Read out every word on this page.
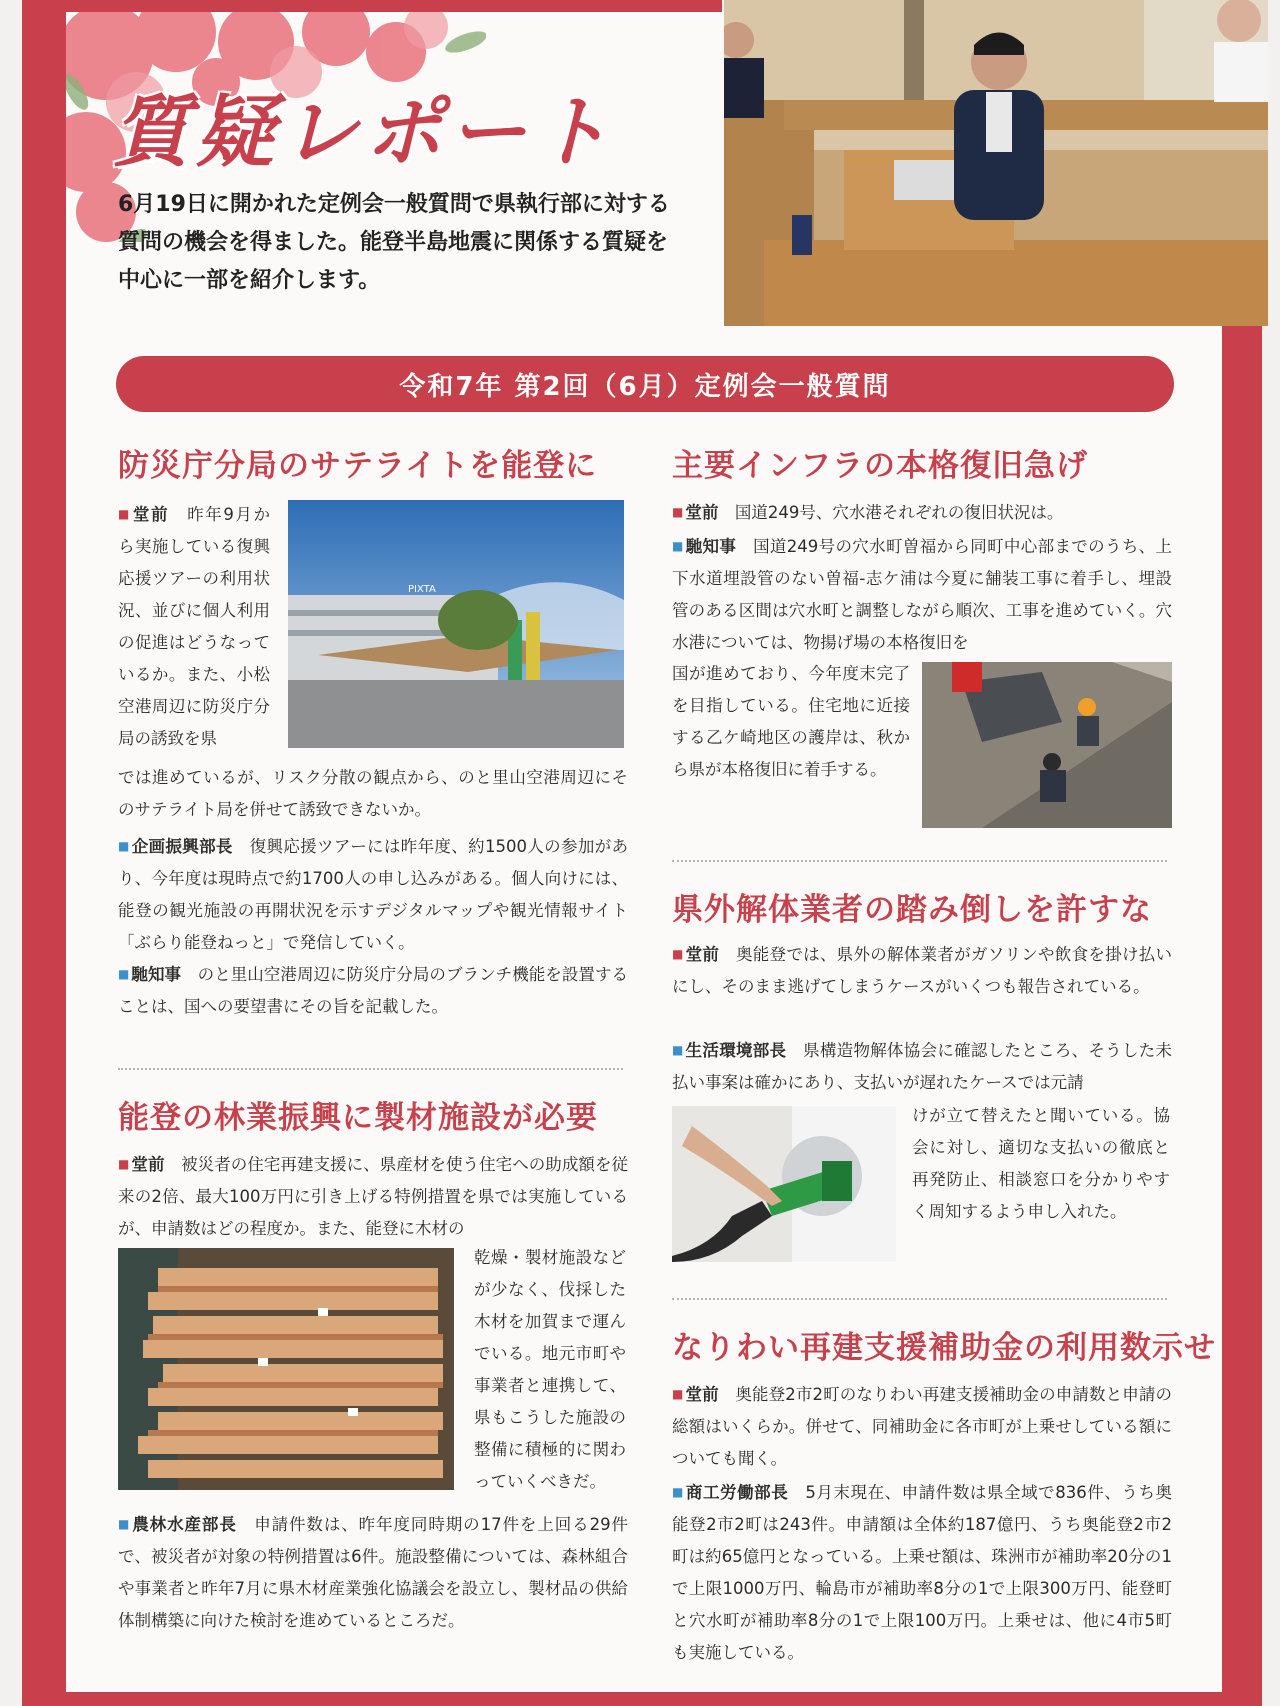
質疑レポート
6月19日に開かれた定例会一般質問で県執行部に対する質問の機会を得ました。能登半島地震に関係する質疑を中心に一部を紹介します。
令和7年 第2回（6月）定例会一般質問
防災庁分局のサテライトを能登に
PIXTA
■ 堂前　 昨年9月から実施している復興応援ツアーの利用状況、並びに個人利用の促進はどうなっているか。また、小松空港周辺に防災庁分局の誘致を県
では進めているが、リスク分散の観点から、のと里山空港周辺にそのサテライト局を併せて誘致できないか。
■ 企画振興部長　 復興応援ツアーには昨年度、約1500人の参加があり、今年度は現時点で約1700人の申し込みがある。個人向けには、能登の観光施設の再開状況を示すデジタルマップや観光情報サイト「ぶらり能登ねっと」で発信していく。
■ 馳知事　 のと里山空港周辺に防災庁分局のブランチ機能を設置することは、国への要望書にその旨を記載した。
能登の林業振興に製材施設が必要
■ 堂前　 被災者の住宅再建支援に、県産材を使う住宅への助成額を従来の2倍、最大100万円に引き上げる特例措置を県では実施しているが、申請数はどの程度か。また、能登に木材の
乾燥・製材施設などが少なく、伐採した木材を加賀まで運んでいる。地元市町や事業者と連携して、県もこうした施設の整備に積極的に関わっていくべきだ。
■ 農林水産部長　 申請件数は、昨年度同時期の17件を上回る29件で、被災者が対象の特例措置は6件。施設整備については、森林組合や事業者と昨年7月に県木材産業強化協議会を設立し、製材品の供給体制構築に向けた検討を進めているところだ。
主要インフラの本格復旧急げ
■ 堂前　 国道249号、穴水港それぞれの復旧状況は。
■ 馳知事　 国道249号の穴水町曽福から同町中心部までのうち、上下水道埋設管のない曽福-志ケ浦は今夏に舗装工事に着手し、埋設管のある区間は穴水町と調整しながら順次、工事を進めていく。穴水港については、物揚げ場の本格復旧を
国が進めており、今年度末完了を目指している。住宅地に近接する乙ケ崎地区の護岸は、秋から県が本格復旧に着手する。
県外解体業者の踏み倒しを許すな
■ 堂前　 奥能登では、県外の解体業者がガソリンや飲食を掛け払いにし、そのまま逃げてしまうケースがいくつも報告されている。
■ 生活環境部長　 県構造物解体協会に確認したところ、そうした未払い事案は確かにあり、支払いが遅れたケースでは元請
けが立て替えたと聞いている。協会に対し、適切な支払いの徹底と再発防止、相談窓口を分かりやすく周知するよう申し入れた。
なりわい再建支援補助金の利用数示せ
■ 堂前　 奥能登2市2町のなりわい再建支援補助金の申請数と申請の総額はいくらか。併せて、同補助金に各市町が上乗せしている額についても聞く。
■ 商工労働部長　 5月末現在、申請件数は県全域で836件、うち奥能登2市2町は243件。申請額は全体約187億円、うち奥能登2市2町は約65億円となっている。上乗せ額は、珠洲市が補助率20分の1で上限1000万円、輪島市が補助率8分の1で上限300万円、能登町と穴水町が補助率8分の1で上限100万円。上乗せは、他に4市5町も実施している。
